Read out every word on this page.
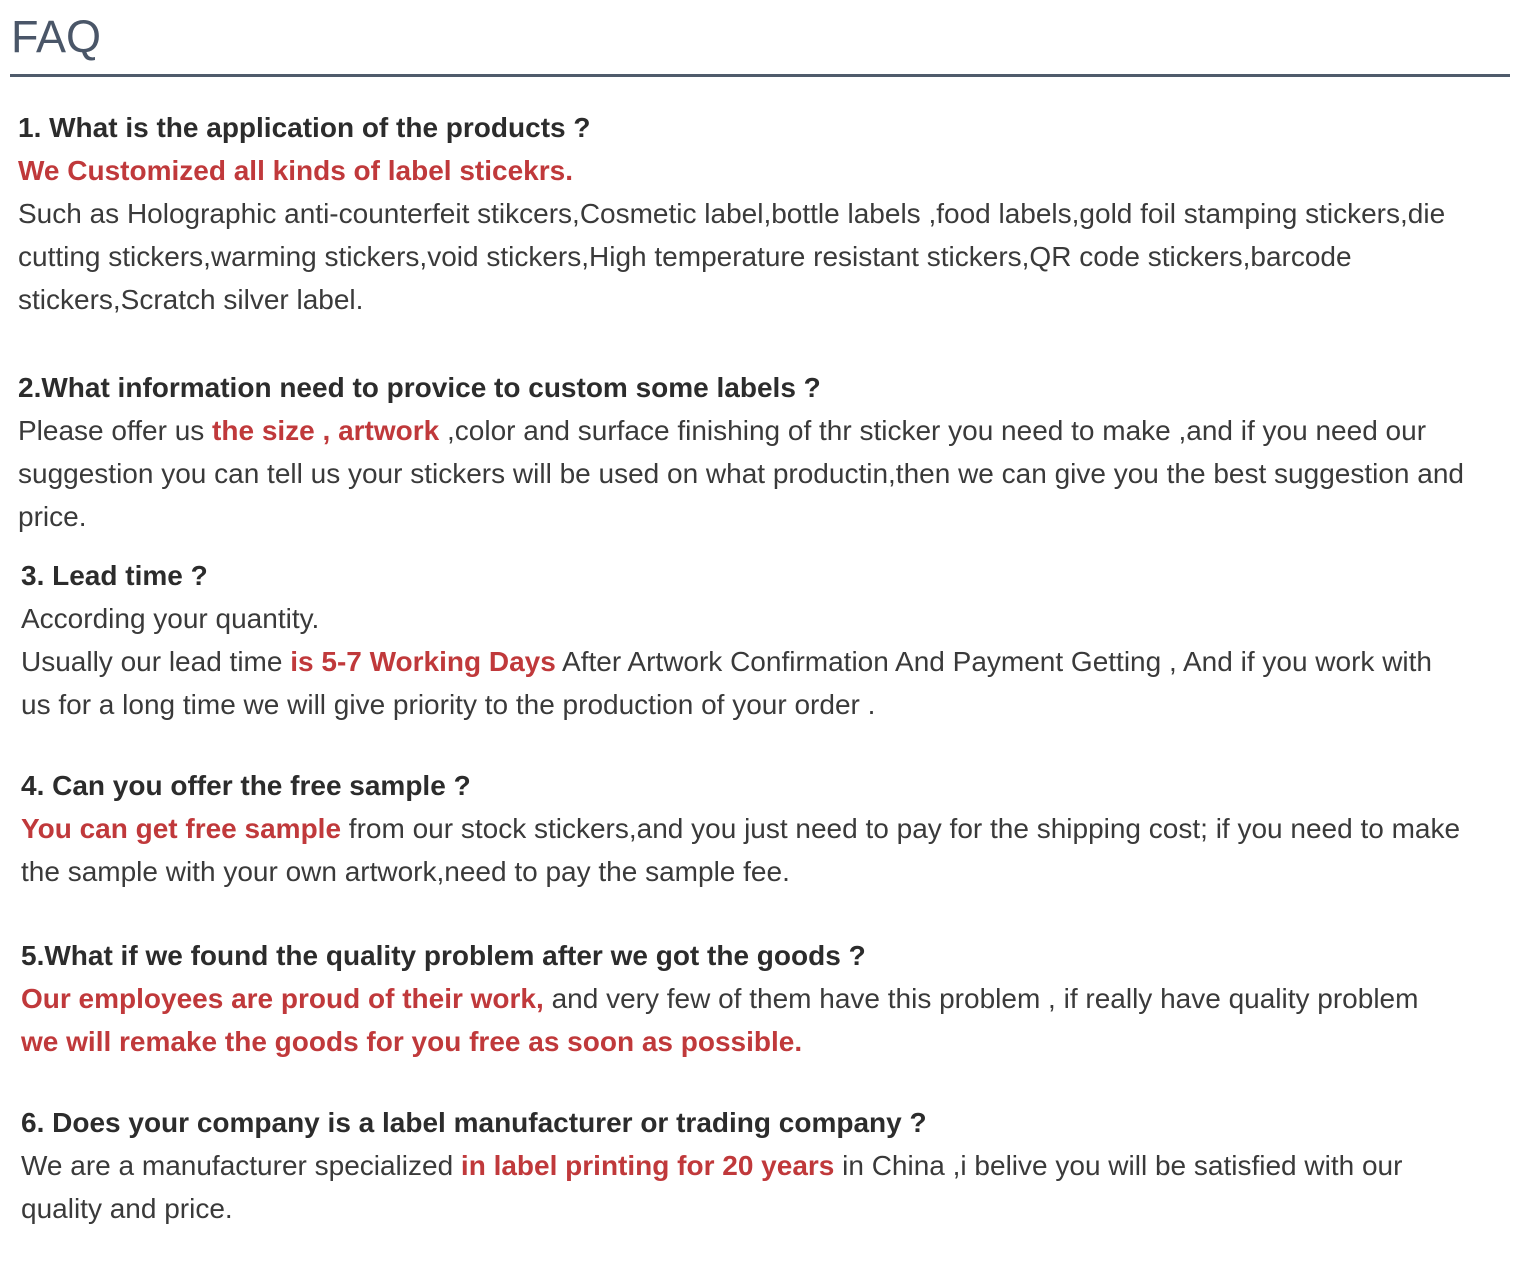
FAQ

1. What is the application of the products ?

We Customized all kinds of label sticekrs.

Such as Holographic anti-counterfeit stikcers,Cosmetic label,bottle labels ,food labels,gold foil stamping stickers,die cutting stickers,warming stickers,void stickers,High temperature resistant stickers,QR code stickers,barcode stickers,Scratch silver label.

2.What information need to provice to custom some labels ?

Please offer us the size , artwork ,color and surface finishing of thr sticker you need to make ,and if you need our suggestion you can tell us your stickers will be used on what productin,then we can give you the best suggestion and price.

3. Lead time ?

According your quantity.

Usually our lead time is 5-7 Working Days After Artwork Confirmation And Payment Getting , And if you work with us for a long time we will give priority to the production of your order .

4. Can you offer the free sample ?

You can get free sample from our stock stickers,and you just need to pay for the shipping cost; if you need to make the sample with your own artwork,need to pay the sample fee.

5.What if we found the quality problem after we got the goods ?

Our employees are proud of their work, and very few of them have this problem , if really have quality problem we will remake the goods for you free as soon as possible.

6. Does your company is a label manufacturer or trading company ?

We are a manufacturer specialized in label printing for 20 years in China ,i belive you will be satisfied with our quality and price.
